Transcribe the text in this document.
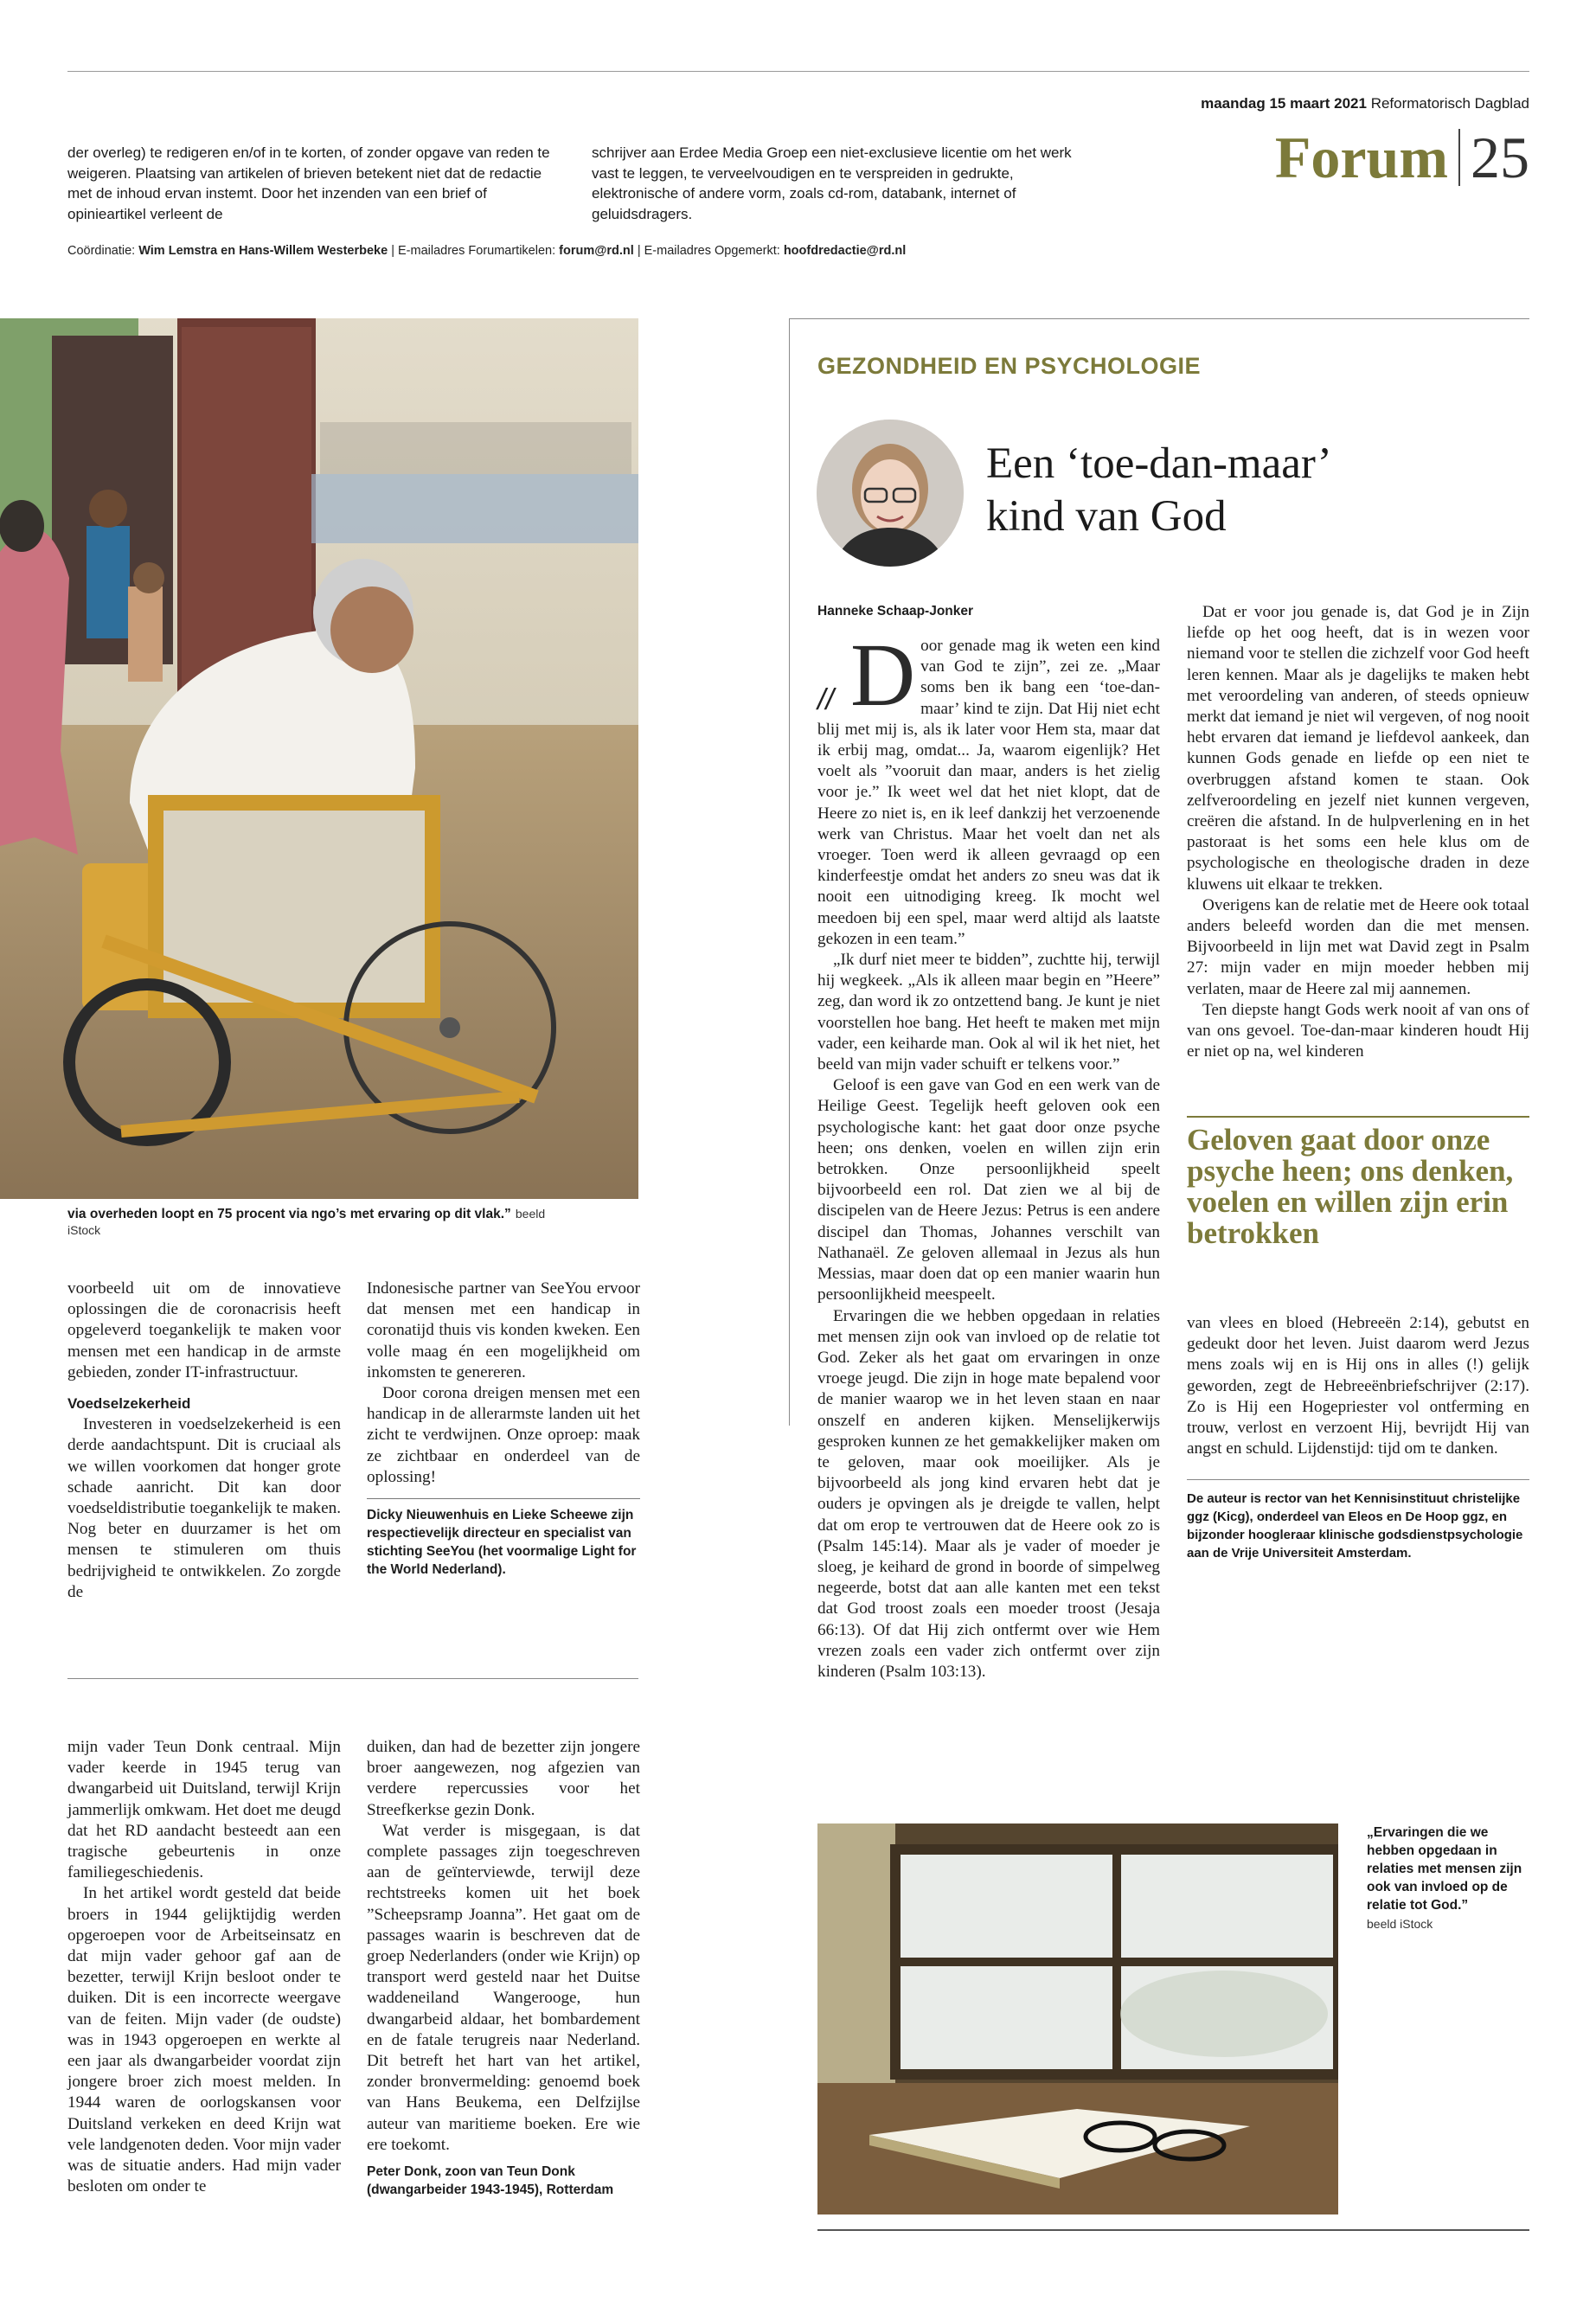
maandag 15 maart 2021 Reformatorisch Dagblad
Forum 25
der overleg) te redigeren en/of in te korten, of zonder opgave van reden te weigeren. Plaatsing van artikelen of brieven betekent niet dat de redactie met de inhoud ervan instemt. Door het inzenden van een brief of opinieartikel verleent de
schrijver aan Erdee Media Groep een niet-exclusieve licentie om het werk vast te leggen, te verveelvoudigen en te verspreiden in gedrukte, elektronische of andere vorm, zoals cd-rom, databank, internet of geluidsdragers.
Coördinatie: Wim Lemstra en Hans-Willem Westerbeke | E-mailadres Forumartikelen: forum@rd.nl | E-mailadres Opgemerkt: hoofdredactie@rd.nl
via overheden loopt en 75 procent via ngo’s met ervaring op dit vlak.” beeld
iStock

voorbeeld uit om de innovatieve oplossingen die de coronacrisis heeft opgeleverd toegankelijk te maken voor mensen met een handicap in de armste gebieden, zonder IT-infrastructuur.

Voedselzekerheid

Investeren in voedselzekerheid is een derde aandachtspunt. Dit is cruciaal als we willen voorkomen dat honger grote schade aanricht. Dit kan door voedseldistributie toegankelijk te maken. Nog beter en duurzamer is het om mensen te stimuleren om thuis bedrijvigheid te ontwikkelen. Zo zorgde de

Indonesische partner van SeeYou ervoor dat mensen met een handicap in coronatijd thuis vis konden kweken. Een volle maag én een mogelijkheid om inkomsten te genereren.

Door corona dreigen mensen met een handicap in de allerarmste landen uit het zicht te verdwijnen. Onze oproep: maak ze zichtbaar en onderdeel van de oplossing!

Dicky Nieuwenhuis en Lieke Scheewe zijn respectievelijk directeur en specialist van stichting SeeYou (het voormalige Light for the World Nederland).

mijn vader Teun Donk centraal. Mijn vader keerde in 1945 terug van dwangarbeid uit Duitsland, terwijl Krijn jammerlijk omkwam. Het doet me deugd dat het RD aandacht besteedt aan een tragische gebeurtenis in onze familiegeschiedenis.

In het artikel wordt gesteld dat beide broers in 1944 gelijktijdig werden opgeroepen voor de Arbeitseinsatz en dat mijn vader gehoor gaf aan de bezetter, terwijl Krijn besloot onder te duiken. Dit is een incorrecte weergave van de feiten. Mijn vader (de oudste) was in 1943 opgeroepen en werkte al een jaar als dwangarbeider voordat zijn jongere broer zich moest melden. In 1944 waren de oorlogskansen voor Duitsland verkeken en deed Krijn wat vele landgenoten deden. Voor mijn vader was de situatie anders. Had mijn vader besloten om onder te

duiken, dan had de bezetter zijn jongere broer aangewezen, nog afgezien van verdere repercussies voor het Streefkerkse gezin Donk.

Wat verder is misgegaan, is dat complete passages zijn toegeschreven aan de geïnterviewde, terwijl deze rechtstreeks komen uit het boek ”Scheepsramp Joanna”. Het gaat om de passages waarin is beschreven dat de groep Nederlanders (onder wie Krijn) op transport werd gesteld naar het Duitse waddeneiland Wangerooge, hun dwangarbeid aldaar, het bombardement en de fatale terugreis naar Nederland. Dit betreft het hart van het artikel, zonder bronvermelding: genoemd boek van Hans Beukema, een Delfzijlse auteur van maritieme boeken. Ere wie ere toekomt.

Peter Donk, zoon van Teun Donk (dwangarbeider 1943-1945), Rotterdam
GEZONDHEID EN PSYCHOLOGIE
Een ‘toe-dan-maar’
kind van God
Hanneke Schaap-Jonker
// D oor genade mag ik weten een kind van God te zijn”, zei ze. „Maar soms ben ik bang een ‘toe-dan-maar’ kind te zijn. Dat Hij niet echt blij met mij is, als ik later voor Hem sta, maar dat ik erbij mag, omdat... Ja, waarom eigenlijk? Het voelt als ”vooruit dan maar, anders is het zielig voor je.” Ik weet wel dat het niet klopt, dat de Heere zo niet is, en ik leef dankzij het verzoenende werk van Christus. Maar het voelt dan net als vroeger. Toen werd ik alleen gevraagd op een kinderfeestje omdat het anders zo sneu was dat ik nooit een uitnodiging kreeg. Ik mocht wel meedoen bij een spel, maar werd altijd als laatste gekozen in een team.”

„Ik durf niet meer te bidden”, zuchtte hij, terwijl hij wegkeek. „Als ik alleen maar begin en ”Heere” zeg, dan word ik zo ontzettend bang. Je kunt je niet voorstellen hoe bang. Het heeft te maken met mijn vader, een keiharde man. Ook al wil ik het niet, het beeld van mijn vader schuift er telkens voor.”

Geloof is een gave van God en een werk van de Heilige Geest. Tegelijk heeft geloven ook een psychologische kant: het gaat door onze psyche heen; ons denken, voelen en willen zijn erin betrokken. Onze persoonlijkheid speelt bijvoorbeeld een rol. Dat zien we al bij de discipelen van de Heere Jezus: Petrus is een andere discipel dan Thomas, Johannes verschilt van Nathanaël. Ze geloven allemaal in Jezus als hun Messias, maar doen dat op een manier waarin hun persoonlijkheid meespeelt.

Ervaringen die we hebben opgedaan in relaties met mensen zijn ook van invloed op de relatie tot God. Zeker als het gaat om ervaringen in onze vroege jeugd. Die zijn in hoge mate bepalend voor de manier waarop we in het leven staan en naar onszelf en anderen kijken. Menselijkerwijs gesproken kunnen ze het gemakkelijker maken om te geloven, maar ook moeilijker. Als je bijvoorbeeld als jong kind ervaren hebt dat je ouders je opvingen als je dreigde te vallen, helpt dat om erop te vertrouwen dat de Heere ook zo is (Psalm 145:14). Maar als je vader of moeder je sloeg, je keihard de grond in boorde of simpelweg negeerde, botst dat aan alle kanten met een tekst dat God troost zoals een moeder troost (Jesaja 66:13). Of dat Hij zich ontfermt over wie Hem vrezen zoals een vader zich ontfermt over zijn kinderen (Psalm 103:13).

Dat er voor jou genade is, dat God je in Zijn liefde op het oog heeft, dat is in wezen voor niemand voor te stellen die zichzelf voor God heeft leren kennen. Maar als je dagelijks te maken hebt met veroordeling van anderen, of steeds opnieuw merkt dat iemand je niet wil vergeven, of nog nooit hebt ervaren dat iemand je liefdevol aankeek, dan kunnen Gods genade en liefde op een niet te overbruggen afstand komen te staan. Ook zelfveroordeling en jezelf niet kunnen vergeven, creëren die afstand. In de hulpverlening en in het pastoraat is het soms een hele klus om de psychologische en theologische draden in deze kluwens uit elkaar te trekken.

Overigens kan de relatie met de Heere ook totaal anders beleefd worden dan die met mensen. Bijvoorbeeld in lijn met wat David zegt in Psalm 27: mijn vader en mijn moeder hebben mij verlaten, maar de Heere zal mij aannemen.

Ten diepste hangt Gods werk nooit af van ons of van ons gevoel. Toe-dan-maar kinderen houdt Hij er niet op na, wel kinderen

Geloven gaat door onze psyche heen; ons denken, voelen en willen zijn erin betrokken

van vlees en bloed (Hebreeën 2:14), gebutst en gedeukt door het leven. Juist daarom werd Jezus mens zoals wij en is Hij ons in alles (!) gelijk geworden, zegt de Hebreeënbriefschrijver (2:17). Zo is Hij een Hogepriester vol ontferming en trouw, verlost en verzoent Hij, bevrijdt Hij van angst en schuld. Lijdenstijd: tijd om te danken.

De auteur is rector van het Kennisinstituut christelijke ggz (Kicg), onderdeel van Eleos en De Hoop ggz, en bijzonder hoogleraar klinische godsdienstpsychologie aan de Vrije Universiteit Amsterdam.
„Ervaringen die we hebben opgedaan in relaties met mensen zijn ook van invloed op de relatie tot God.”
beeld iStock
